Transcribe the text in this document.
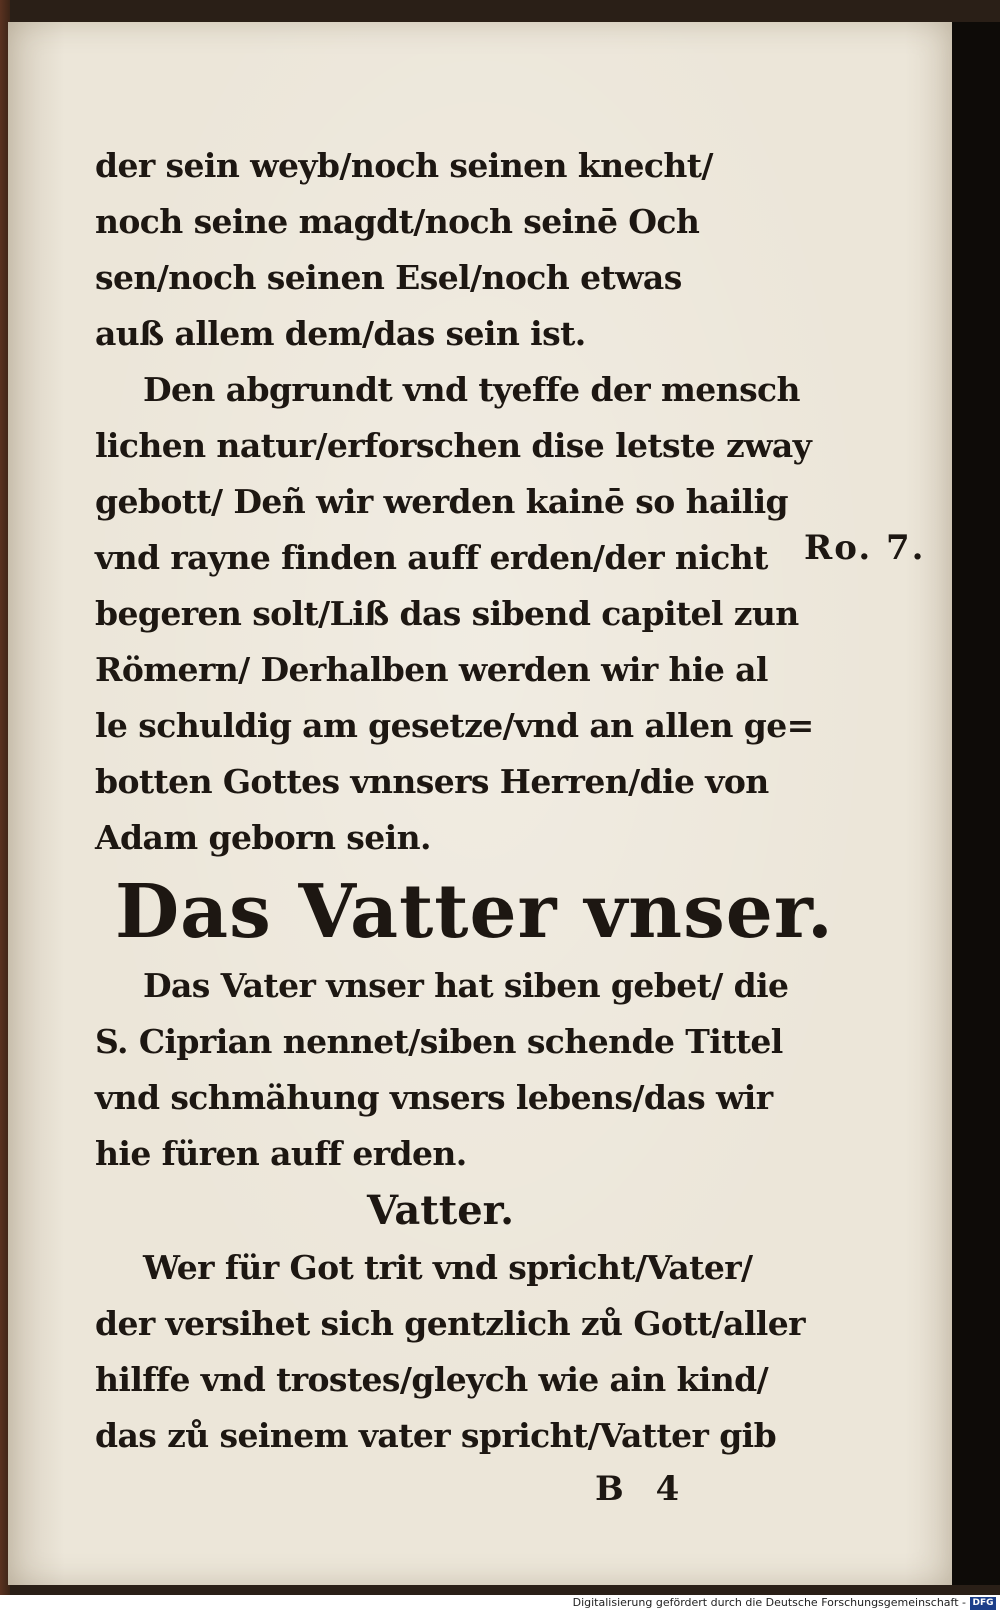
der sein weyb/noch seinen knecht/
noch seine magdt/noch seinē Och
sen/noch seinen Esel/noch etwas
auß allem dem/das sein ist.
Den abgrundt vnd tyeffe der mensch
lichen natur/erforschen dise letste zway
gebott/ Deñ wir werden kainē so hailig
vnd rayne finden auff erden/der nicht
begeren solt/Liß das sibend capitel zun
Römern/ Derhalben werden wir hie al
le schuldig am gesetze/vnd an allen ge=
botten Gottes vnnsers Herren/die von
Adam geborn sein.
Das Vatter vnser.
Das Vater vnser hat siben gebet/ die
S. Ciprian nennet/siben schende Tittel
vnd schmähung vnsers lebens/das wir
hie füren auff erden.
Vatter.
Wer für Got trit vnd spricht/Vater/
der versihet sich gentzlich zů Gott/aller
hilffe vnd trostes/gleych wie ain kind/
das zů seinem vater spricht/Vatter gib
B 4
Ro. 7.
Digitalisierung gefördert durch die Deutsche Forschungsgemeinschaft - DFG
